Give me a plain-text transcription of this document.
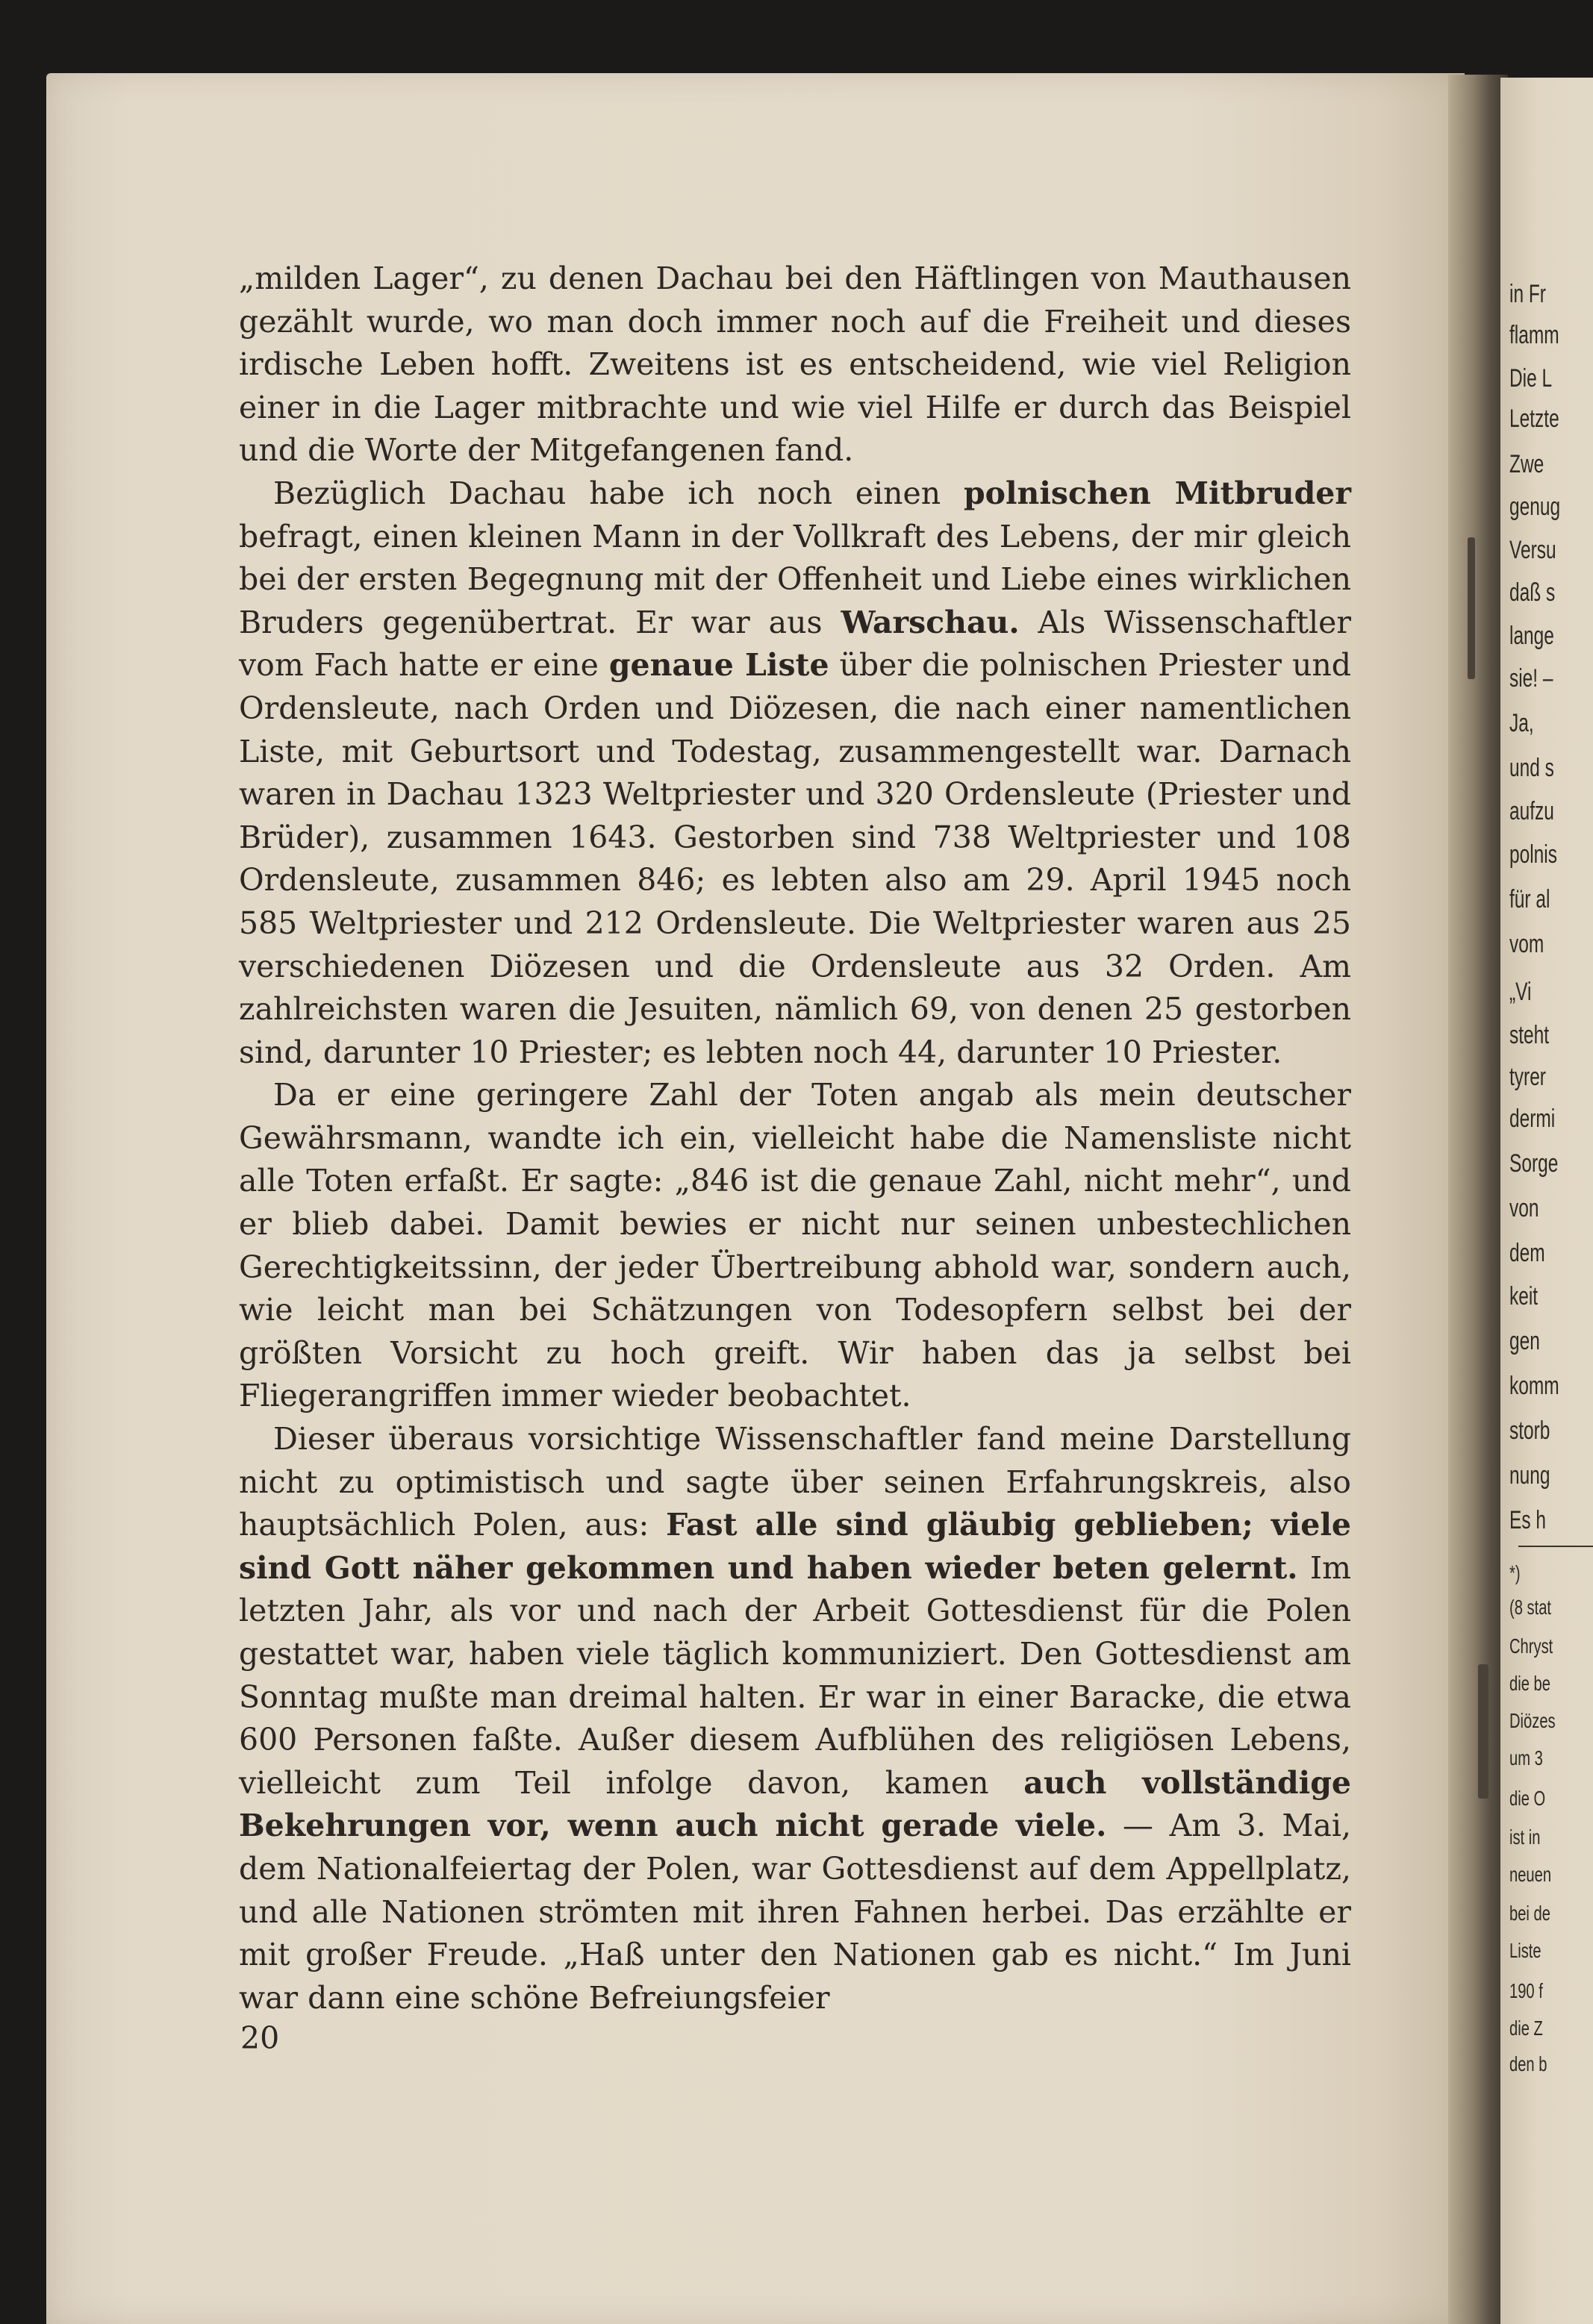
„milden Lager“, zu denen Dachau bei den Häftlingen von Mauthausen gezählt wurde, wo man doch immer noch auf die Freiheit und dieses irdische Leben hofft. Zweitens ist es entscheidend, wie viel Religion einer in die Lager mitbrachte und wie viel Hilfe er durch das Beispiel und die Worte der Mitgefangenen fand.

Bezüglich Dachau habe ich noch einen polnischen Mitbruder befragt, einen kleinen Mann in der Vollkraft des Lebens, der mir gleich bei der ersten Begegnung mit der Offenheit und Liebe eines wirklichen Bruders gegenübertrat. Er war aus Warschau. Als Wissenschaftler vom Fach hatte er eine genaue Liste über die polnischen Priester und Ordensleute, nach Orden und Diözesen, die nach einer namentlichen Liste, mit Geburtsort und Todestag, zusammengestellt war. Darnach waren in Dachau 1323 Weltpriester und 320 Ordensleute (Priester und Brüder), zusammen 1643. Gestorben sind 738 Weltpriester und 108 Ordensleute, zusammen 846; es lebten also am 29. April 1945 noch 585 Weltpriester und 212 Ordensleute. Die Weltpriester waren aus 25 verschiedenen Diözesen und die Ordensleute aus 32 Orden. Am zahlreichsten waren die Jesuiten, nämlich 69, von denen 25 gestorben sind, darunter 10 Priester; es lebten noch 44, darunter 10 Priester.

Da er eine geringere Zahl der Toten angab als mein deutscher Gewährsmann, wandte ich ein, vielleicht habe die Namensliste nicht alle Toten erfaßt. Er sagte: „846 ist die genaue Zahl, nicht mehr“, und er blieb dabei. Damit bewies er nicht nur seinen unbestechlichen Gerechtigkeitssinn, der jeder Übertreibung abhold war, sondern auch, wie leicht man bei Schätzungen von Todesopfern selbst bei der größten Vorsicht zu hoch greift. Wir haben das ja selbst bei Fliegerangriffen immer wieder beobachtet.

Dieser überaus vorsichtige Wissenschaftler fand meine Darstellung nicht zu optimistisch und sagte über seinen Erfahrungskreis, also hauptsächlich Polen, aus: Fast alle sind gläubig geblieben; viele sind Gott näher gekommen und haben wieder beten gelernt. Im letzten Jahr, als vor und nach der Arbeit Gottesdienst für die Polen gestattet war, haben viele täglich kommuniziert. Den Gottesdienst am Sonntag mußte man dreimal halten. Er war in einer Baracke, die etwa 600 Personen faßte. Außer diesem Aufblühen des religiösen Lebens, vielleicht zum Teil infolge davon, kamen auch vollständige Bekehrungen vor, wenn auch nicht gerade viele. — Am 3. Mai, dem Nationalfeiertag der Polen, war Gottesdienst auf dem Appellplatz, und alle Nationen strömten mit ihren Fahnen herbei. Das erzählte er mit großer Freude. „Haß unter den Nationen gab es nicht.“ Im Juni war dann eine schöne Befreiungsfeier

20
in Fr
flamm
Die L
Letzte
Zwe
genug
Versu
daß s
lange
sie! –
Ja,
und s
aufzu
polnis
für al
vom
„Vi
steht
tyrer
dermi
Sorge
von
dem
keit
gen
komm
storb
nung
Es h
*)
(8 stat
Chryst
die be
Diözes
um 3
die O
ist in
neuen
bei de
Liste
190 f
die Z
den b
